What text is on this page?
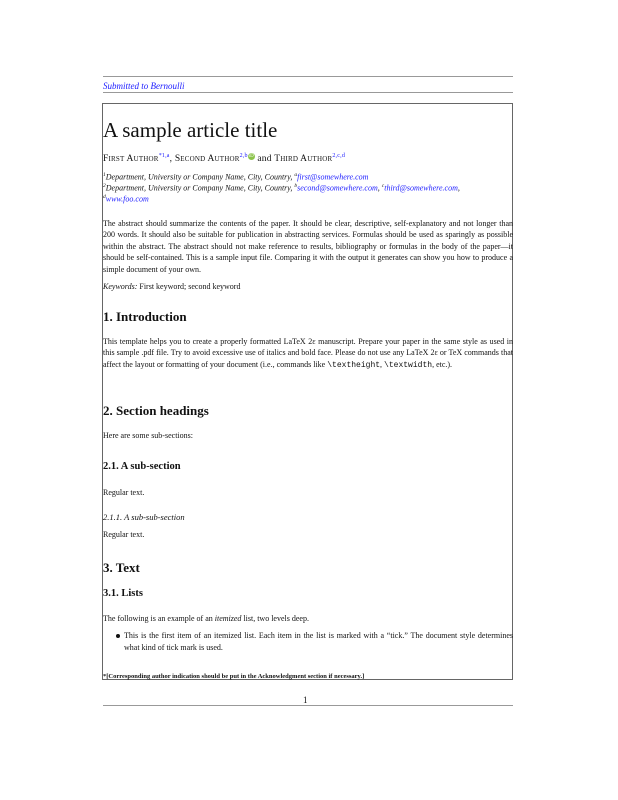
Submitted to Bernoulli
A sample article title
First Author$^{*1,a}$, Second Author$^{2,b}$iD and Third Author$^{2,c,d}$
$^1$Department, University or Company Name, City, Country, $^a$first@somewhere.com
$^2$Department, University or Company Name, City, Country, $^b$second@somewhere.com, $^c$third@somewhere.com,
$^d$www.foo.com
The abstract should summarize the contents of the paper. It should be clear, descriptive, self-explanatory and not longer than 200 words. It should also be suitable for publication in abstracting services. Formulas should be used as sparingly as possible within the abstract. The abstract should not make reference to results, bibliography or formulas in the body of the paper—it should be self-contained. This is a sample input file. Comparing it with the output it generates can show you how to produce a simple document of your own.
Keywords: First keyword; second keyword
1. Introduction
This template helps you to create a properly formatted LaTeX 2ε manuscript. Prepare your paper in the same style as used in this sample .pdf file. Try to avoid excessive use of italics and bold face. Please do not use any LaTeX 2ε or TeX commands that affect the layout or formatting of your document (i.e., commands like \textheight, \textwidth, etc.).
2. Section headings
Here are some sub-sections:
2.1. A sub-section
Regular text.
2.1.1. A sub-sub-section
Regular text.
3. Text
3.1. Lists
The following is an example of an itemized list, two levels deep.
This is the first item of an itemized list. Each item in the list is marked with a “tick.” The document style determines what kind of tick mark is used.
*[Corresponding author indication should be put in the Acknowledgment section if necessary.]
1
